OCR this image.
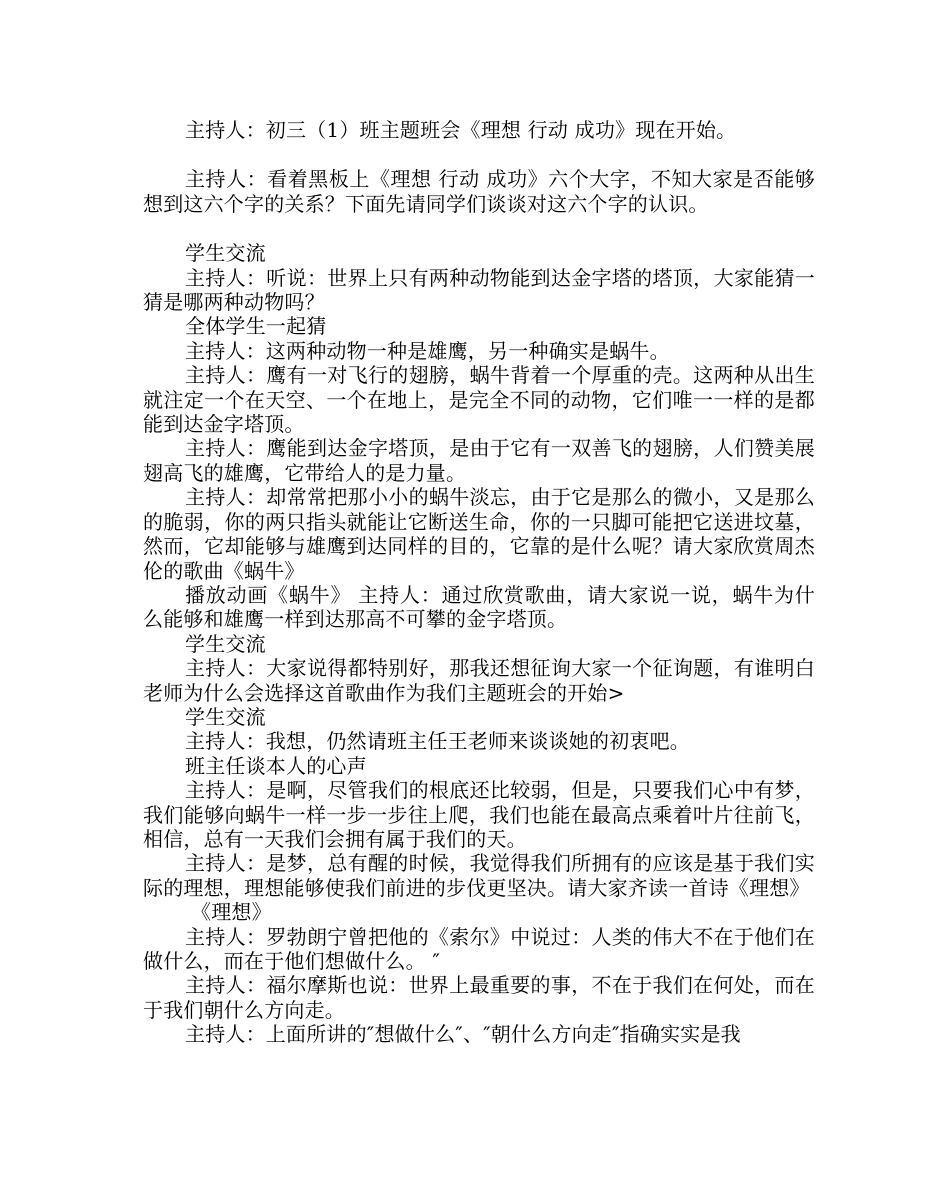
主持人：初三（1）班主题班会《理想 行动 成功》现在开始。

主持人：看着黑板上《理想 行动 成功》六个大字，不知大家是否能够想到这六个字的关系？下面先请同学们谈谈对这六个字的认识。

学生交流

主持人：听说：世界上只有两种动物能到达金字塔的塔顶，大家能猜一猜是哪两种动物吗？

全体学生一起猜

主持人：这两种动物一种是雄鹰，另一种确实是蜗牛。

主持人：鹰有一对飞行的翅膀，蜗牛背着一个厚重的壳。这两种从出生就注定一个在天空、一个在地上，是完全不同的动物，它们唯一一样的是都能到达金字塔顶。

主持人：鹰能到达金字塔顶，是由于它有一双善飞的翅膀，人们赞美展翅高飞的雄鹰，它带给人的是力量。

主持人：却常常把那小小的蜗牛淡忘，由于它是那么的微小，又是那么的脆弱，你的两只指头就能让它断送生命，你的一只脚可能把它送进坟墓，然而，它却能够与雄鹰到达同样的目的，它靠的是什么呢？请大家欣赏周杰伦的歌曲《蜗牛》

播放动画《蜗牛》 主持人：通过欣赏歌曲，请大家说一说，蜗牛为什么能够和雄鹰一样到达那高不可攀的金字塔顶。

学生交流

主持人：大家说得都特别好，那我还想征询大家一个征询题，有谁明白老师为什么会选择这首歌曲作为我们主题班会的开始>

学生交流

主持人：我想，仍然请班主任王老师来谈谈她的初衷吧。

班主任谈本人的心声

主持人：是啊，尽管我们的根底还比较弱，但是，只要我们心中有梦，我们能够向蜗牛一样一步一步往上爬，我们也能在最高点乘着叶片往前飞，相信，总有一天我们会拥有属于我们的天。

主持人：是梦，总有醒的时候，我觉得我们所拥有的应该是基于我们实际的理想，理想能够使我们前进的步伐更坚决。请大家齐读一首诗《理想》

《理想》

主持人：罗勃朗宁曾把他的《索尔》中说过：人类的伟大不在于他们在做什么，而在于他们想做什么。 ″

主持人：福尔摩斯也说：世界上最重要的事，不在于我们在何处，而在于我们朝什么方向走。

主持人：上面所讲的″想做什么″、″朝什么方向走″指确实实是我
